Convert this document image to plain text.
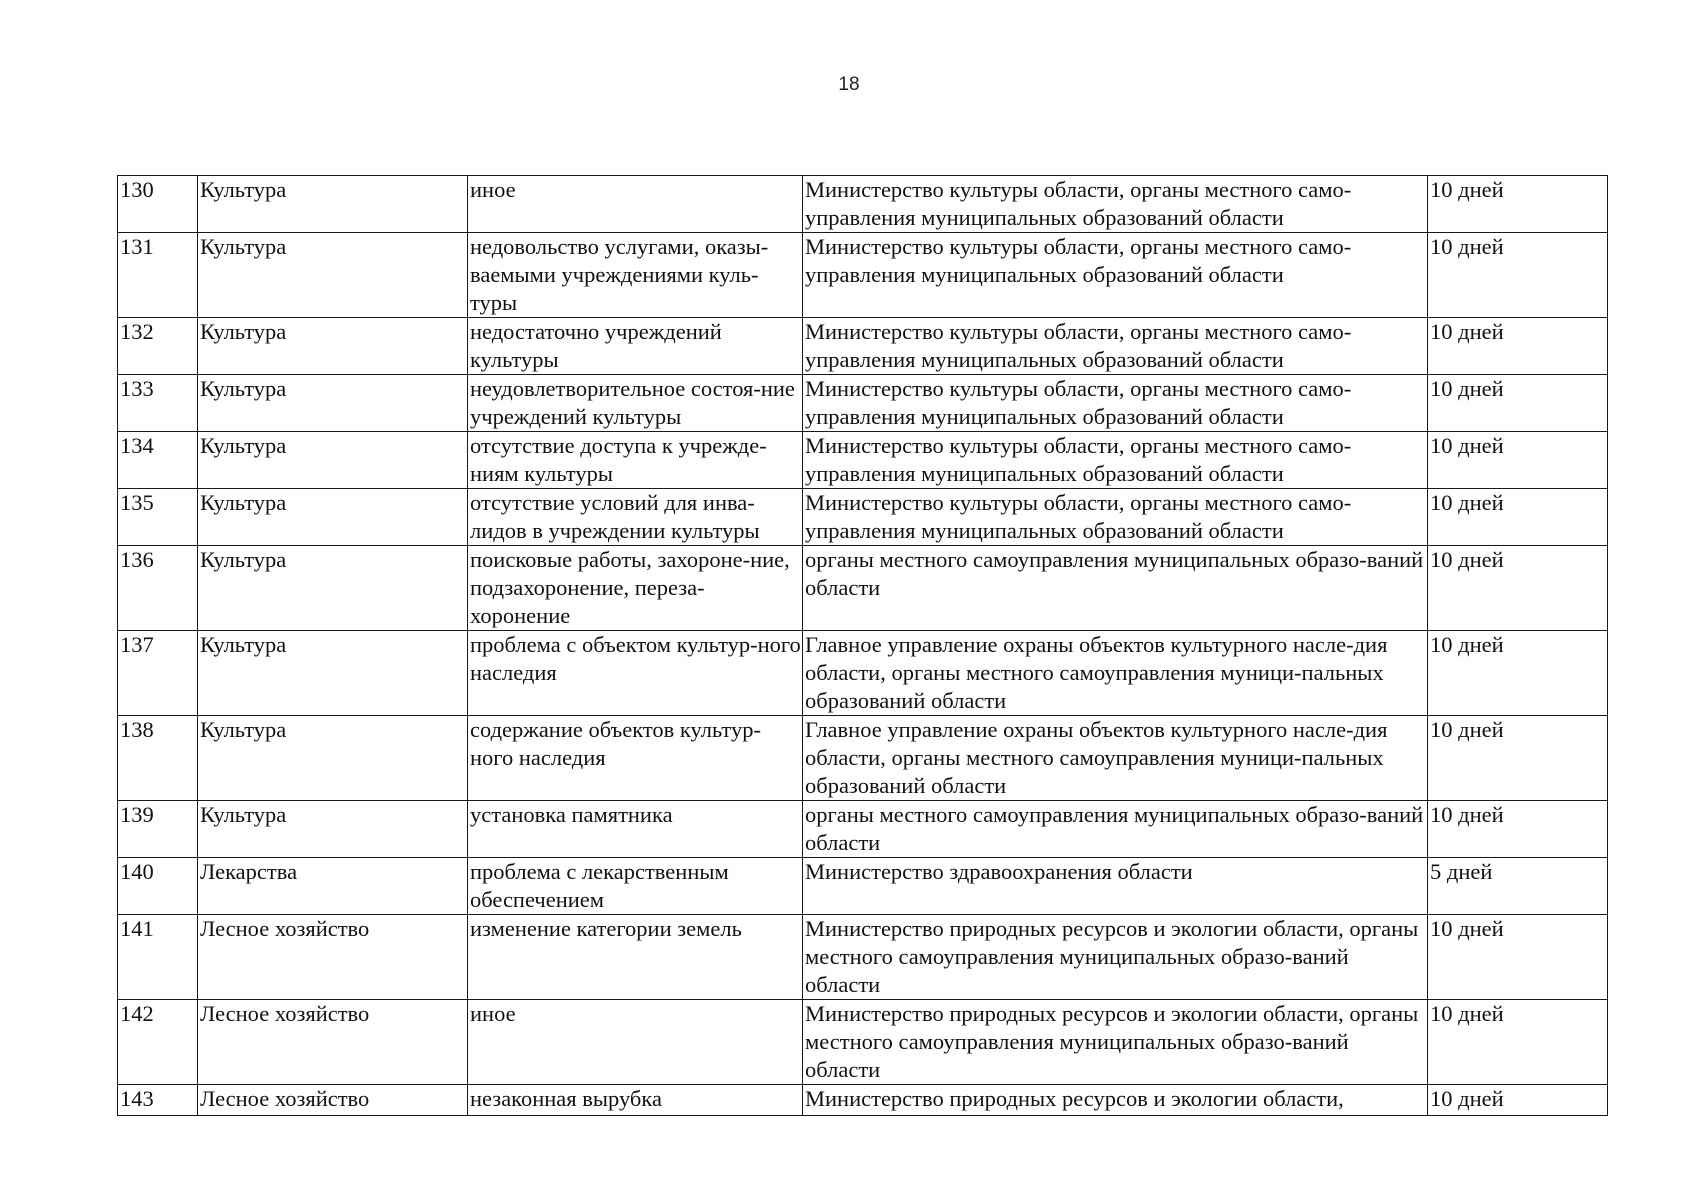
18
130	Культура	иное	Министерство культуры области, органы местного само-управления муниципальных образований области	10 дней
131	Культура	недовольство услугами, оказы-ваемыми учреждениями куль-туры	Министерство культуры области, органы местного само-управления муниципальных образований области	10 дней
132	Культура	недостаточно учреждений культуры	Министерство культуры области, органы местного само-управления муниципальных образований области	10 дней
133	Культура	неудовлетворительное состоя-ние учреждений культуры	Министерство культуры области, органы местного само-управления муниципальных образований области	10 дней
134	Культура	отсутствие доступа к учрежде-ниям культуры	Министерство культуры области, органы местного само-управления муниципальных образований области	10 дней
135	Культура	отсутствие условий для инва-лидов в учреждении культуры	Министерство культуры области, органы местного само-управления муниципальных образований области	10 дней
136	Культура	поисковые работы, захороне-ние, подзахоронение, переза-хоронение	органы местного самоуправления муниципальных образо-ваний области	10 дней
137	Культура	проблема с объектом культур-ного наследия	Главное управление охраны объектов культурного насле-дия области, органы местного самоуправления муници-пальных образований области	10 дней
138	Культура	содержание объектов культур-ного наследия	Главное управление охраны объектов культурного насле-дия области, органы местного самоуправления муници-пальных образований области	10 дней
139	Культура	установка памятника	органы местного самоуправления муниципальных образо-ваний области	10 дней
140	Лекарства	проблема с лекарственным обеспечением	Министерство здравоохранения области	5 дней
141	Лесное хозяйство	изменение категории земель	Министерство природных ресурсов и экологии области, органы местного самоуправления муниципальных образо-ваний области	10 дней
142	Лесное хозяйство	иное	Министерство природных ресурсов и экологии области, органы местного самоуправления муниципальных образо-ваний области	10 дней
143	Лесное хозяйство	незаконная вырубка	Министерство природных ресурсов и экологии области,	10 дней
